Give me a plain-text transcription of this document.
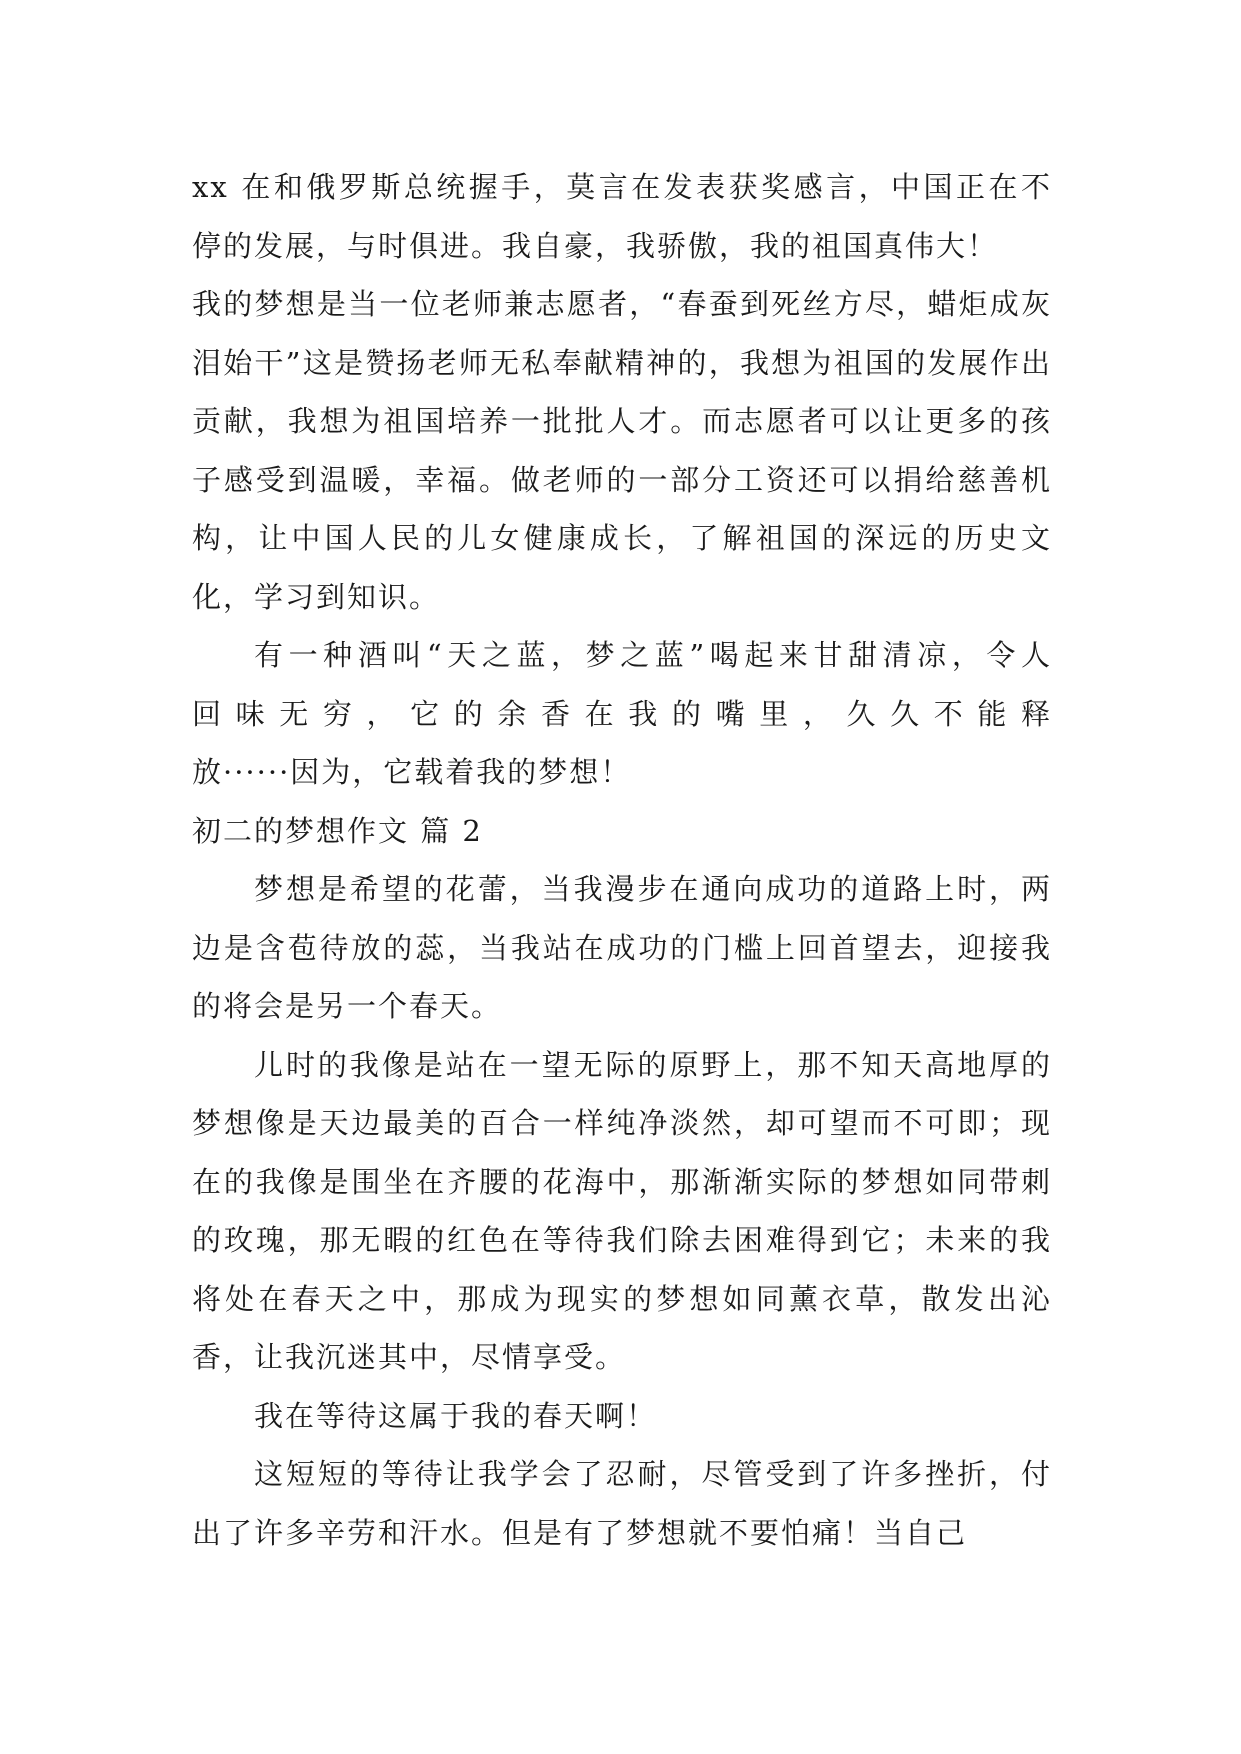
xx 在和俄罗斯总统握手，莫言在发表获奖感言，中国正在不

停的发展，与时俱进。我自豪，我骄傲，我的祖国真伟大！

我的梦想是当一位老师兼志愿者，“春蚕到死丝方尽，蜡炬成灰泪始干”这是赞扬老师无私奉献精神的，我想为祖国的发展作出贡献，我想为祖国培养一批批人才。而志愿者可以让更多的孩子感受到温暖，幸福。做老师的一部分工资还可以捐给慈善机构，让中国人民的儿女健康成长，了解祖国的深远的历史文化，学习到知识。

有一种酒叫“天之蓝，梦之蓝”喝起来甘甜清凉，令人

回味无穷，它的余香在我的嘴里，久久不能释

放······因为，它载着我的梦想！

初二的梦想作文 篇 2

梦想是希望的花蕾，当我漫步在通向成功的道路上时，两边是含苞待放的蕊，当我站在成功的门槛上回首望去，迎接我的将会是另一个春天。

儿时的我像是站在一望无际的原野上，那不知天高地厚的梦想像是天边最美的百合一样纯净淡然，却可望而不可即；现在的我像是围坐在齐腰的花海中，那渐渐实际的梦想如同带刺的玫瑰，那无暇的红色在等待我们除去困难得到它；未来的我将处在春天之中，那成为现实的梦想如同薰衣草，散发出沁香，让我沉迷其中，尽情享受。

我在等待这属于我的春天啊！

这短短的等待让我学会了忍耐，尽管受到了许多挫折，付出了许多辛劳和汗水。但是有了梦想就不要怕痛！当自己
